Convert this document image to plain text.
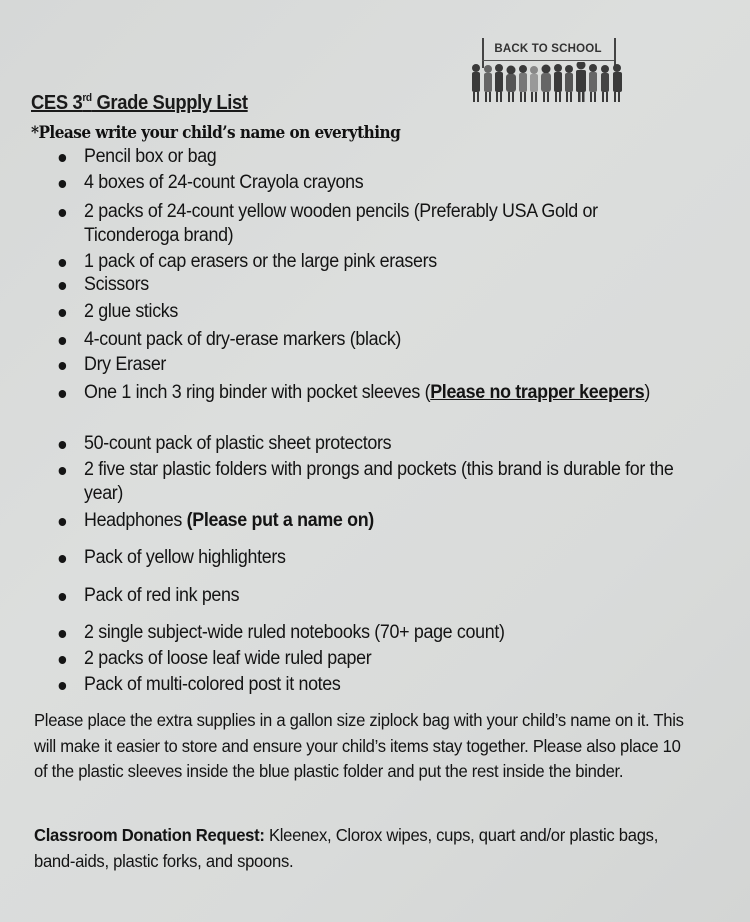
BACK TO SCHOOL
CES 3rd Grade Supply List
*Please write your child’s name on everything
Pencil box or bag
4 boxes of 24-count Crayola crayons
2 packs of 24-count yellow wooden pencils (Preferably USA Gold or Ticonderoga brand)
1 pack of cap erasers or the large pink erasers
Scissors
2 glue sticks
4-count pack of dry-erase markers (black)
Dry Eraser
One 1 inch 3 ring binder with pocket sleeves (Please no trapper keepers)
50-count pack of plastic sheet protectors
2 five star plastic folders with prongs and pockets (this brand is durable for the year)
Headphones (Please put a name on)
Pack of yellow highlighters
Pack of red ink pens
2 single subject-wide ruled notebooks (70+ page count)
2 packs of loose leaf wide ruled paper
Pack of multi-colored post it notes
Please place the extra supplies in a gallon size ziplock bag with your child’s name on it. This will make it easier to store and ensure your child’s items stay together. Please also place 10 of the plastic sleeves inside the blue plastic folder and put the rest inside the binder.
Classroom Donation Request: Kleenex, Clorox wipes, cups, quart and/or plastic bags, band-aids, plastic forks, and spoons.
